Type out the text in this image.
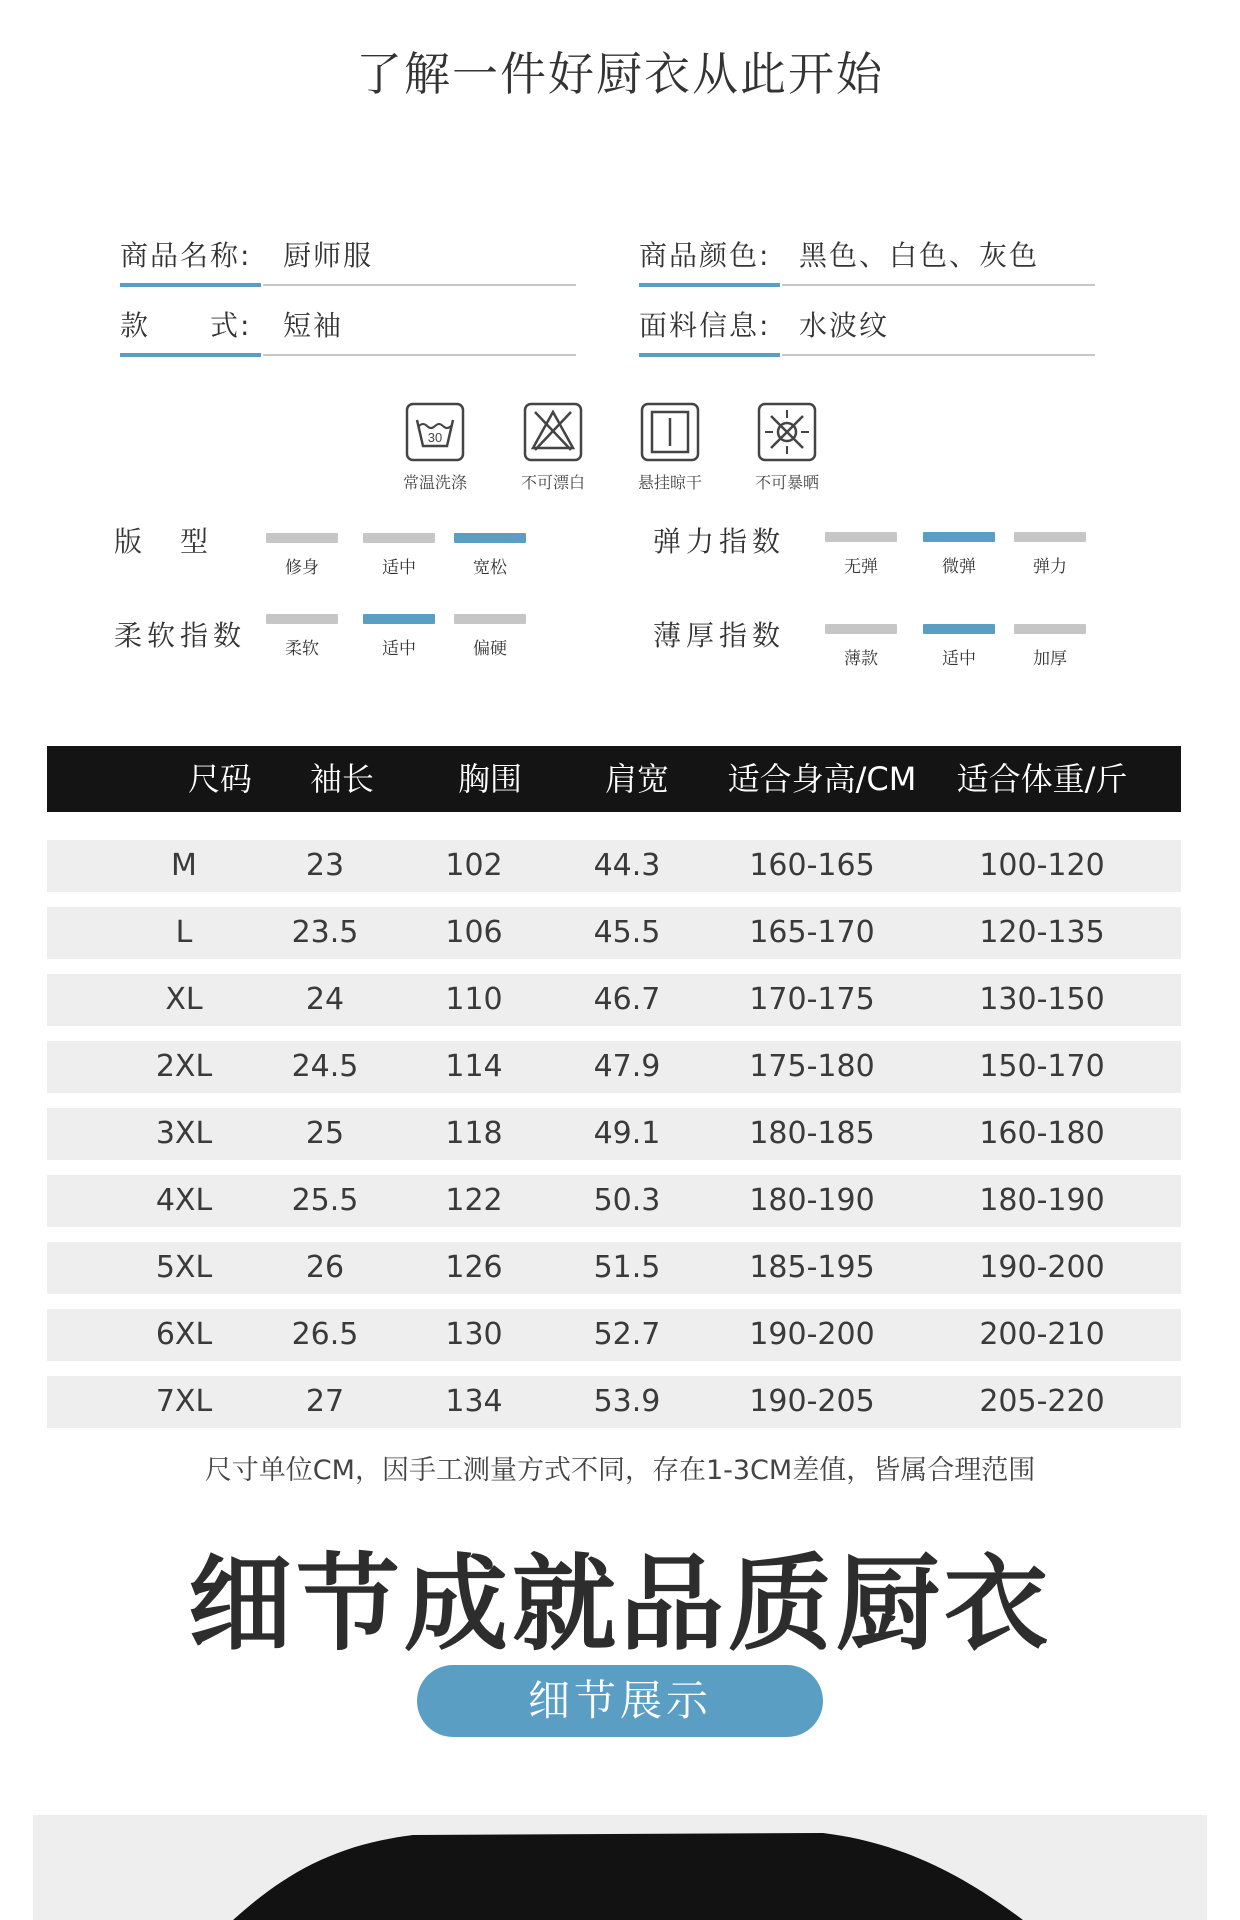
了解一件好厨衣从此开始
商品名称: 厨师服
款　　式: 短袖
商品颜色: 黑色、白色、灰色
面料信息: 水波纹
30
常温洗涤	不可漂白	悬挂晾干	不可暴晒
版　型
修身	适中	宽松
弹力指数
无弹	微弹	弹力
柔软指数	柔软	适中	偏硬	薄厚指数
薄款	适中	加厚
尺码	袖长	胸围	肩宽	适合身高/CM	适合体重/斤
M	23	102	44.3	160-165	100-120
L	23.5	106	45.5	165-170	120-135
XL	24	110	46.7	170-175	130-150
2XL	24.5	114	47.9	175-180	150-170
3XL	25	118	49.1	180-185	160-180
4XL	25.5	122	50.3	180-190	180-190
5XL	26	126	51.5	185-195	190-200
6XL	26.5	130	52.7	190-200	200-210
7XL	27	134	53.9	190-205	205-220
尺寸单位CM，因手工测量方式不同，存在1-3CM差值，皆属合理范围
细节成就品质厨衣
细节展示
